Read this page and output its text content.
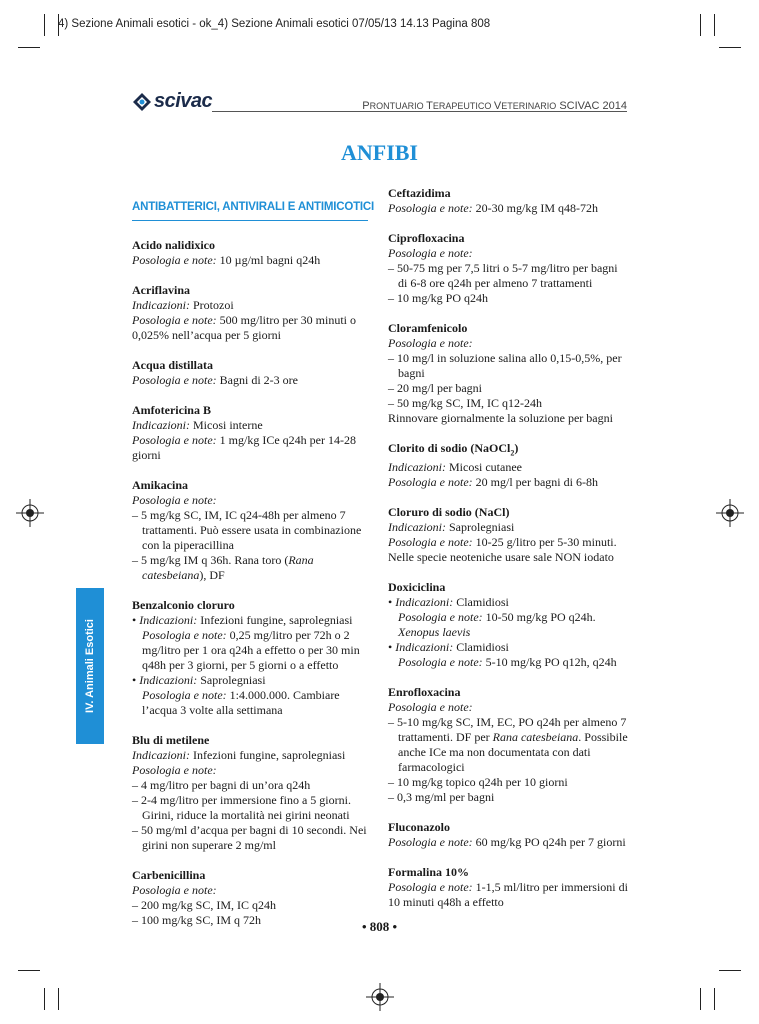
4) Sezione Animali esotici - ok_4) Sezione Animali esotici 07/05/13 14.13 Pagina 808
scivac	PRONTUARIO TERAPEUTICO VETERINARIO SCIVAC 2014
ANFIBI
ANTIBATTERICI, ANTIVIRALI E ANTIMICOTICI
Acido nalidixico
Posologia e note: 10 µg/ml bagni q24h
Acriflavina
Indicazioni: Protozoi
Posologia e note: 500 mg/litro per 30 minuti o 0,025% nell’acqua per 5 giorni
Acqua distillata
Posologia e note: Bagni di 2-3 ore
Amfotericina B
Indicazioni: Micosi interne
Posologia e note: 1 mg/kg ICe q24h per 14-28 giorni
Amikacina
Posologia e note:
– 5 mg/kg SC, IM, IC q24-48h per almeno 7 trattamenti. Può essere usata in combinazione con la piperacillina
– 5 mg/kg IM q 36h. Rana toro (Rana catesbeiana), DF
Benzalconio cloruro
• Indicazioni: Infezioni fungine, saprolegniasi
Posologia e note: 0,25 mg/litro per 72h o 2 mg/litro per 1 ora q24h a effetto o per 30 min q48h per 3 giorni, per 5 giorni o a effetto
• Indicazioni: Saprolegniasi
Posologia e note: 1:4.000.000. Cambiare l’acqua 3 volte alla settimana
Blu di metilene
Indicazioni: Infezioni fungine, saprolegniasi
Posologia e note:
– 4 mg/litro per bagni di un’ora q24h
– 2-4 mg/litro per immersione fino a 5 giorni. Girini, riduce la mortalità nei girini neonati
– 50 mg/ml d’acqua per bagni di 10 secondi. Nei girini non superare 2 mg/ml
Carbenicillina
Posologia e note:
– 200 mg/kg SC, IM, IC q24h
– 100 mg/kg SC, IM q 72h
Ceftazidima
Posologia e note: 20-30 mg/kg IM q48-72h
Ciprofloxacina
Posologia e note:
– 50-75 mg per 7,5 litri o 5-7 mg/litro per bagni di 6-8 ore q24h per almeno 7 trattamenti
– 10 mg/kg PO q24h
Cloramfenicolo
Posologia e note:
– 10 mg/l in soluzione salina allo 0,15-0,5%, per bagni
– 20 mg/l per bagni
– 50 mg/kg SC, IM, IC q12-24h
Rinnovare giornalmente la soluzione per bagni
Clorito di sodio (NaOCl$_2$)
Indicazioni: Micosi cutanee
Posologia e note: 20 mg/l per bagni di 6-8h
Cloruro di sodio (NaCl)
Indicazioni: Saprolegniasi
Posologia e note: 10-25 g/litro per 5-30 minuti. Nelle specie neoteniche usare sale NON iodato
Doxiciclina
• Indicazioni: Clamidiosi
Posologia e note: 10-50 mg/kg PO q24h. Xenopus laevis
• Indicazioni: Clamidiosi
Posologia e note: 5-10 mg/kg PO q12h, q24h
Enrofloxacina
Posologia e note:
– 5-10 mg/kg SC, IM, EC, PO q24h per almeno 7 trattamenti. DF per Rana catesbeiana. Possibile anche ICe ma non documentata con dati farmacologici
– 10 mg/kg topico q24h per 10 giorni
– 0,3 mg/ml per bagni
Fluconazolo
Posologia e note: 60 mg/kg PO q24h per 7 giorni
Formalina 10%
Posologia e note: 1-1,5 ml/litro per immersioni di 10 minuti q48h a effetto
IV. Animali Esotici
• 808 •
